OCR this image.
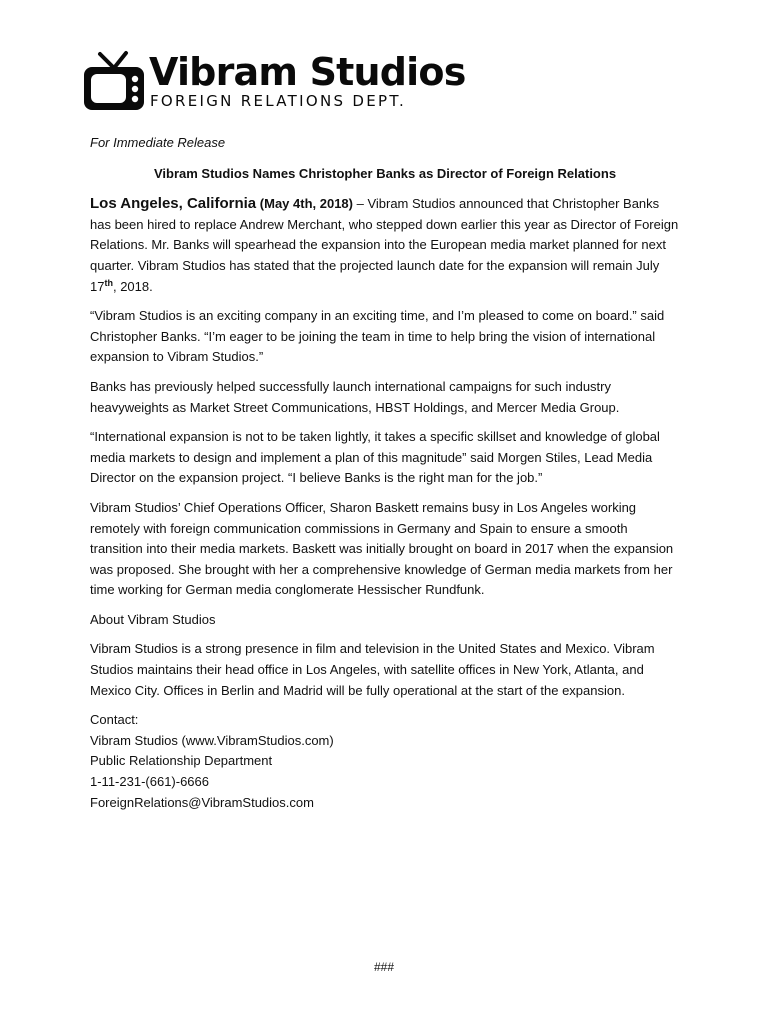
Vibram Studios
FOREIGN RELATIONS DEPT.
For Immediate Release
Vibram Studios Names Christopher Banks as Director of Foreign Relations

Los Angeles, California (May 4th, 2018) – Vibram Studios announced that Christopher Banks has been hired to replace Andrew Merchant, who stepped down earlier this year as Director of Foreign Relations. Mr. Banks will spearhead the expansion into the European media market planned for next quarter. Vibram Studios has stated that the projected launch date for the expansion will remain July 17th, 2018.

“Vibram Studios is an exciting company in an exciting time, and I’m pleased to come on board.” said Christopher Banks. “I’m eager to be joining the team in time to help bring the vision of international expansion to Vibram Studios.”

Banks has previously helped successfully launch international campaigns for such industry heavyweights as Market Street Communications, HBST Holdings, and Mercer Media Group.

“International expansion is not to be taken lightly, it takes a specific skillset and knowledge of global media markets to design and implement a plan of this magnitude” said Morgen Stiles, Lead Media Director on the expansion project. “I believe Banks is the right man for the job.”

Vibram Studios’ Chief Operations Officer, Sharon Baskett remains busy in Los Angeles working remotely with foreign communication commissions in Germany and Spain to ensure a smooth transition into their media markets. Baskett was initially brought on board in 2017 when the expansion was proposed. She brought with her a comprehensive knowledge of German media markets from her time working for German media conglomerate Hessischer Rundfunk.

About Vibram Studios

Vibram Studios is a strong presence in film and television in the United States and Mexico. Vibram Studios maintains their head office in Los Angeles, with satellite offices in New York, Atlanta, and Mexico City. Offices in Berlin and Madrid will be fully operational at the start of the expansion.

Contact:

Vibram Studios (www.VibramStudios.com)

Public Relationship Department

1-11-231-(661)-6666

ForeignRelations@VibramStudios.com

###
